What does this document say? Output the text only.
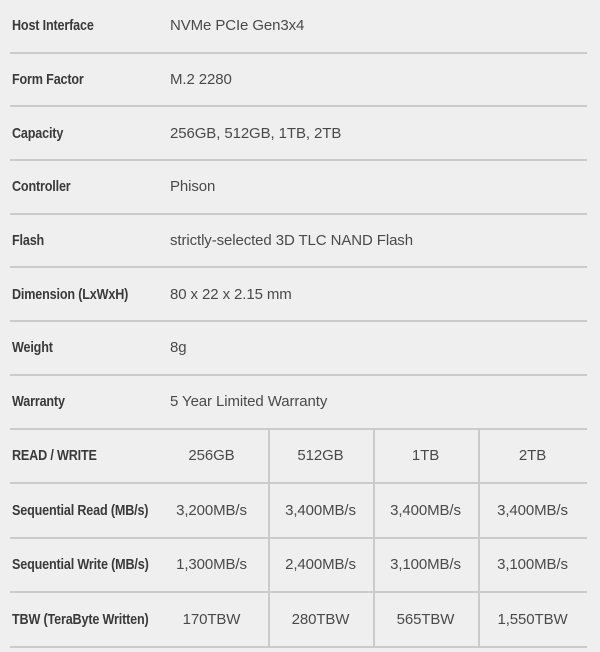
Host Interface	NVMe PCIe Gen3x4
Form Factor	M.2 2280
Capacity	256GB, 512GB, 1TB, 2TB
Controller	Phison
Flash	strictly-selected 3D TLC NAND Flash
Dimension (LxWxH)	80 x 22 x 2.15 mm
Weight	8g
Warranty	5 Year Limited Warranty
READ / WRITE	256GB	512GB	1TB	2TB
Sequential Read (MB/s)	3,200MB/s	3,400MB/s	3,400MB/s	3,400MB/s
Sequential Write (MB/s)	1,300MB/s	2,400MB/s	3,100MB/s	3,100MB/s
TBW (TeraByte Written)	170TBW	280TBW	565TBW	1,550TBW
